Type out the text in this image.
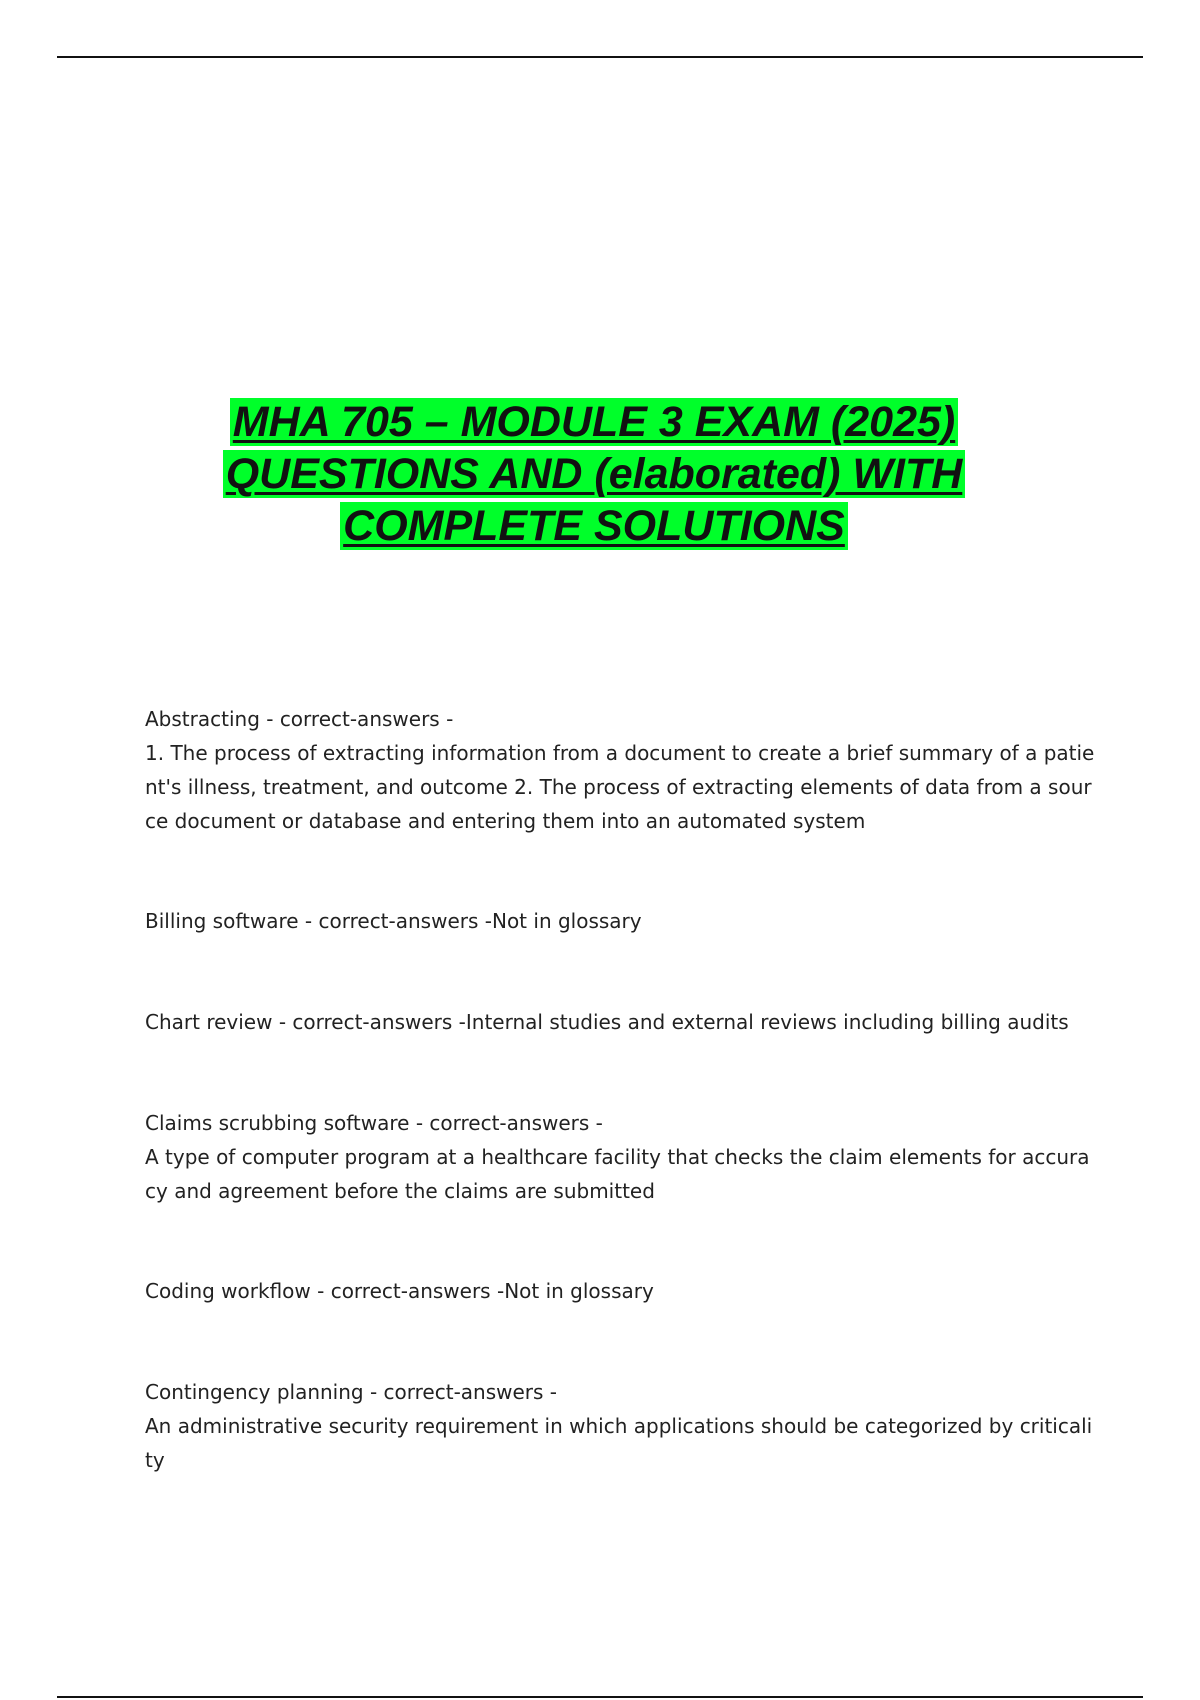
MHA 705 – MODULE 3 EXAM (2025)
QUESTIONS AND (elaborated) WITH
COMPLETE SOLUTIONS

Abstracting - correct-answers -
1. The process of extracting information from a document to create a brief summary of a patient's illness, treatment, and outcome 2. The process of extracting elements of data from a source document or database and entering them into an automated system

Billing software - correct-answers -Not in glossary

Chart review - correct-answers -Internal studies and external reviews including billing audits

Claims scrubbing software - correct-answers -
A type of computer program at a healthcare facility that checks the claim elements for accuracy and agreement before the claims are submitted

Coding workflow - correct-answers -Not in glossary

Contingency planning - correct-answers -
An administrative security requirement in which applications should be categorized by criticality
